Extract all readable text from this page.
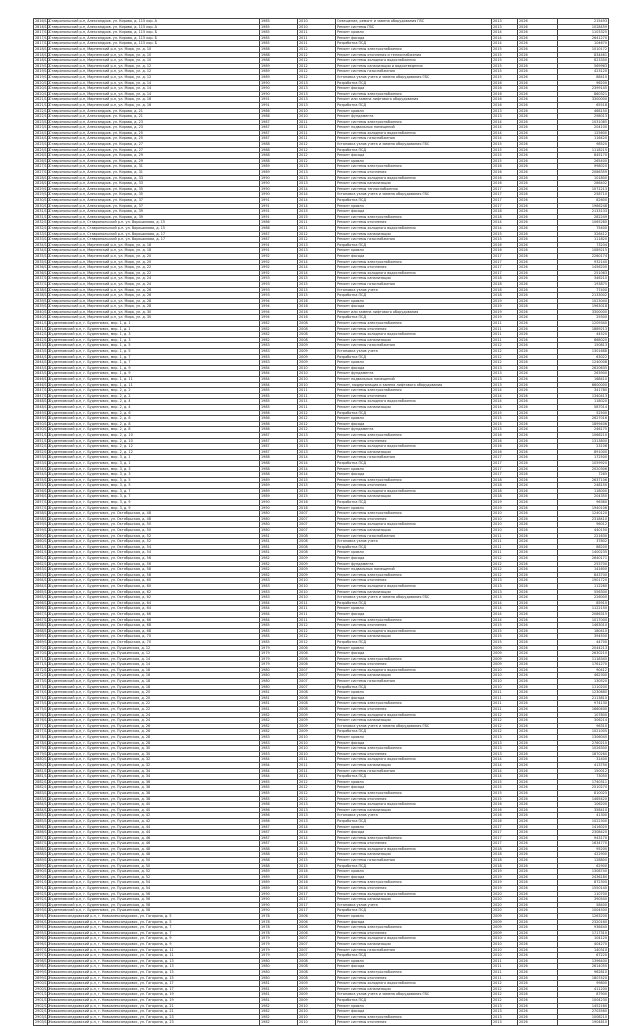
2816/1/2	Ставропольский р-н, Александров. ул. Кирова, д. 115 кор. А	1985	2010	Освещение, ремонт и замена оборудования ГВС	2013	2026	215493
2816/1/2	Ставропольский р-н, Александров. ул. Кирова, д. 115 кор. А	1985	2010	Ремонт системы ГВС	2013	2026	1028459
2817/1/2	Ставропольский р-н, Александров. ул. Кирова, д. 115 кор. Б	1985	2011	Ремонт кровли	2014	2026	1103325
2817/1/2	Ставропольский р-н, Александров. ул. Кирова, д. 115 кор. Б	1985	2011	Ремонт фасада	2014	2026	2641270
2817/1/2	Ставропольский р-н, Александров. ул. Кирова, д. 115 кор. Б	1985	2011	Разработка ПСД	2014	2026	104670
2818/1/2	Ставропольский р-н, Мирненский р-н, ул. Мира, ул. д. 10	1988	2012	Ремонт системы электроснабжения	2015	2026	1010172
2818/1/2	Ставропольский р-н, Мирненский р-н, ул. Мира, ул. д. 10	1988	2012	Ремонт системы отопления и теплоснабжения	2015	2026	834461
2818/1/2	Ставропольский р-н, Мирненский р-н, ул. Мира, ул. д. 10	1988	2012	Ремонт системы холодного водоснабжения	2015	2026	623350
2819/1/2	Ставропольский р-н, Мирненский р-н, ул. Мира, ул. д. 12	1989	2012	Ремонт системы канализации и водоотведения	2015	2026	569963
2819/1/2	Ставропольский р-н, Мирненский р-н, ул. Мира, ул. д. 12	1989	2012	Ремонт системы газоснабжения	2015	2026	423120
2819/1/2	Ставропольский р-н, Мирненский р-н, ул. Мира, ул. д. 12	1989	2012	Установка узлов учета и замена оборудования ГВС	2015	2026	88410
2820/1/2	Ставропольский р-н, Мирненский р-н, ул. Мира, ул. д. 14	1990	2013	Разработка ПСД	2016	2026	96200
2820/1/2	Ставропольский р-н, Мирненский р-н, ул. Мира, ул. д. 14	1990	2013	Ремонт фасада	2016	2026	2399145
2820/1/2	Ставропольский р-н, Мирненский р-н, ул. Мира, ул. д. 14	1990	2013	Ремонт системы электроснабжения	2016	2026	860321
2821/1/2	Ставропольский р-н, Мирненский р-н, ул. Мира, ул. д. 16	1991	2013	Ремонт или замена лифтового оборудования	2016	2026	3300000
2821/1/2	Ставропольский р-н, Мирненский р-н, ул. Мира, ул. д. 16	1991	2013	Разработка ПСД	2016	2026	65518
2822/1/2	Ставропольский р-н, Александров. ул. Кирова, д. 21	1986	2010	Ремонт кровли	2013	2026	468150
2822/1/2	Ставропольский р-н, Александров. ул. Кирова, д. 21	1986	2010	Ремонт фундамента	2013	2026	298013
2823/1/2	Ставропольский р-н, Александров. ул. Кирова, д. 23	1987	2011	Ремонт системы электроснабжения	2014	2026	1031085
2823/1/2	Ставропольский р-н, Александров. ул. Кирова, д. 23	1987	2011	Ремонт подвальных помещений	2014	2026	204100
2824/1/2	Ставропольский р-н, Александров. ул. Кирова, д. 25	1987	2011	Ремонт системы холодного водоснабжения	2014	2026	125600
2824/1/2	Ставропольский р-н, Александров. ул. Кирова, д. 25	1987	2011	Ремонт системы газоснабжения	2014	2026	116420
2825/1/2	Ставропольский р-н, Александров. ул. Кирова, д. 27	1988	2012	Установка узлов учета и замена оборудования ГВС	2015	2026	98520
2825/1/2	Ставропольский р-н, Александров. ул. Кирова, д. 27	1988	2012	Разработка ПСД	2015	2026	1118215
2826/1/2	Ставропольский р-н, Александров. ул. Кирова, д. 29	1988	2012	Ремонт фасада	2015	2026	845170
2826/1/2	Ставропольский р-н, Александров. ул. Кирова, д. 29	1988	2012	Ремонт кровли	2015	2026	265400
2827/1/2	Ставропольский р-н, Александров. ул. Кирова, д. 31	1989	2013	Ремонт системы электроснабжения	2016	2026	998020
2827/1/2	Ставропольский р-н, Александров. ул. Кирова, д. 31	1989	2013	Ремонт системы отопления	2016	2026	2086359
2828/1/2	Ставропольский р-н, Александров. ул. Кирова, д. 33	1990	2013	Ремонт системы холодного водоснабжения	2016	2026	101800
2828/1/2	Ставропольский р-н, Александров. ул. Кирова, д. 33	1990	2013	Ремонт системы канализации	2016	2026	286402
2829/1/2	Ставропольский р-н, Александров. ул. Кирова, д. 35	1990	2014	Ремонт системы теплоснабжения	2017	2026	1071213
2829/1/2	Ставропольский р-н, Александров. ул. Кирова, д. 35	1990	2014	Установка узлов учета и замена оборудования ГВС	2017	2026	258710
2830/1/2	Ставропольский р-н, Александров. ул. Кирова, д. 37	1991	2014	Разработка ПСД	2017	2026	82600
2830/1/2	Ставропольский р-н, Александров. ул. Кирова, д. 37	1991	2014	Ремонт кровли	2017	2026	1986248
2831/1/2	Ставропольский р-н, Александров. ул. Кирова, д. 39	1991	2015	Ремонт фасада	2018	2026	2133133
2831/1/2	Ставропольский р-н, Александров. ул. Кирова, д. 39	1991	2015	Ремонт системы электроснабжения	2018	2026	282249
2832/1/2	Ставропольский р-н, Ставропольский р-н. ул. Ворошилова, д. 15	1986	2011	Ремонт системы отопления	2014	2026	1065280
2832/1/2	Ставропольский р-н, Ставропольский р-н. ул. Ворошилова, д. 15	1986	2011	Ремонт системы холодного водоснабжения	2014	2026	75400
2833/1/2	Ставропольский р-н, Ставропольский р-н. ул. Ворошилова, д. 17	1987	2012	Ремонт системы канализации	2015	2026	326412
2833/1/2	Ставропольский р-н, Ставропольский р-н. ул. Ворошилова, д. 17	1987	2012	Ремонт системы газоснабжения	2015	2026	111820
2834/1/2	Ставропольский р-н, Мирненский р-н, ул. Мира, ул. д. 18	1991	2013	Разработка ПСД	2016	2026	73204
2834/1/2	Ставропольский р-н, Мирненский р-н, ул. Мира, ул. д. 18	1991	2013	Ремонт кровли	2016	2026	1089215
2835/1/2	Ставропольский р-н, Мирненский р-н, ул. Мира, ул. д. 20	1992	2014	Ремонт фасада	2017	2026	2260174
2835/1/2	Ставропольский р-н, Мирненский р-н, ул. Мира, ул. д. 20	1992	2014	Ремонт системы электроснабжения	2017	2026	932140
2836/1/2	Ставропольский р-н, Мирненский р-н, ул. Мира, ул. д. 22	1992	2014	Ремонт системы отопления	2017	2026	1456200
2836/1/2	Ставропольский р-н, Мирненский р-н, ул. Мира, ул. д. 22	1992	2014	Ремонт системы холодного водоснабжения	2017	2026	251063
2837/1/2	Ставропольский р-н, Мирненский р-н, ул. Мира, ул. д. 24	1993	2015	Ремонт системы канализации	2018	2026	346210
2837/1/2	Ставропольский р-н, Мирненский р-н, ул. Мира, ул. д. 24	1993	2015	Ремонт системы газоснабжения	2018	2026	193875
2838/1/2	Ставропольский р-н, Мирненский р-н, ул. Мира, ул. д. 26	1993	2015	Установка узлов учета	2018	2026	77400
2838/1/2	Ставропольский р-н, Мирненский р-н, ул. Мира, ул. д. 26	1993	2015	Разработка ПСД	2018	2026	2133002
2839/1/2	Ставропольский р-н, Мирненский р-н, ул. Мира, ул. д. 28	1994	2016	Ремонт кровли	2019	2026	1023040
2839/1/2	Ставропольский р-н, Мирненский р-н, ул. Мира, ул. д. 28	1994	2016	Ремонт фасада	2019	2026	1963018
2840/1/2	Ставропольский р-н, Мирненский р-н, ул. Мира, ул. д. 30	1994	2016	Ремонт или замена лифтового оборудования	2019	2026	3300000
2840/1/2	Ставропольский р-н, Мирненский р-н, ул. Мира, ул. д. 30	1994	2016	Разработка ПСД	2019	2026	29300
2841/1/2	Буденновский р-н, г. Буденновск, мкр. 1, д. 1	1982	2008	Ремонт системы электроснабжения	2011	2026	1209340
2841/1/2	Буденновский р-н, г. Буденновск, мкр. 1, д. 1	1982	2008	Ремонт системы отопления	2011	2026	1889213
2842/1/2	Буденновский р-н, г. Буденновск, мкр. 1, д. 3	1982	2008	Ремонт системы холодного водоснабжения	2011	2026	44520
2842/1/2	Буденновский р-н, г. Буденновск, мкр. 1, д. 3	1982	2008	Ремонт системы канализации	2011	2026	868020
2843/1/2	Буденновский р-н, г. Буденновск, мкр. 1, д. 5	1983	2009	Ремонт системы газоснабжения	2012	2026	150813
2843/1/2	Буденновский р-н, г. Буденновск, мкр. 1, д. 5	1983	2009	Установка узлов учета	2012	2026	1301688
2844/1/2	Буденновский р-н, г. Буденновск, мкр. 1, д. 7	1983	2009	Разработка ПСД	2012	2026	63022
2844/1/2	Буденновский р-н, г. Буденновск, мкр. 1, д. 7	1983	2009	Ремонт кровли	2012	2026	1240008
2845/1/2	Буденновский р-н, г. Буденновск, мкр. 1, д. 9	1984	2010	Ремонт фасада	2013	2026	2620635
2845/1/2	Буденновский р-н, г. Буденновск, мкр. 1, д. 9	1984	2010	Ремонт фундамента	2013	2026	263900
2846/1/2	Буденновский р-н, г. Буденновск, мкр. 1, д. 11	1984	2010	Ремонт подвальных помещений	2013	2026	168410
2846/1/2	Буденновский р-н, г. Буденновск, мкр. 1, д. 11	1984	2010	Ремонт, модернизация и замена лифтового оборудования	2013	2026	6600000
2847/1/2	Буденновский р-н, г. Буденновск, мкр. 2, д. 2	1985	2011	Ремонт системы электроснабжения	2014	2026	341780
2847/1/2	Буденновский р-н, г. Буденновск, мкр. 2, д. 2	1985	2011	Ремонт системы отопления	2014	2026	1340413
2848/1/2	Буденновский р-н, г. Буденновск, мкр. 2, д. 4	1985	2011	Ремонт системы холодного водоснабжения	2014	2026	118020
2848/1/2	Буденновский р-н, г. Буденновск, мкр. 2, д. 4	1985	2011	Ремонт системы канализации	2014	2026	587014
2849/1/2	Буденновский р-н, г. Буденновск, мкр. 2, д. 6	1986	2012	Разработка ПСД	2015	2026	52500
2849/1/2	Буденновский р-н, г. Буденновск, мкр. 2, д. 6	1986	2012	Ремонт кровли	2015	2026	2627016
2850/1/2	Буденновский р-н, г. Буденновск, мкр. 2, д. 8	1986	2012	Ремонт фасада	2015	2026	1899406
2850/1/2	Буденновский р-н, г. Буденновск, мкр. 2, д. 8	1986	2012	Ремонт фундамента	2015	2026	246175
2851/1/2	Буденновский р-н, г. Буденновск, мкр. 2, д. 10	1987	2013	Ремонт системы электроснабжения	2016	2026	1066210
2851/1/2	Буденновский р-н, г. Буденновск, мкр. 2, д. 10	1987	2013	Ремонт системы отопления	2016	2026	1313800
2852/1/2	Буденновский р-н, г. Буденновск, мкр. 2, д. 12	1987	2013	Ремонт системы холодного водоснабжения	2016	2026	23106
2852/1/2	Буденновский р-н, г. Буденновск, мкр. 2, д. 12	1987	2013	Ремонт системы канализации	2016	2026	891000
2853/1/2	Буденновский р-н, г. Буденновск, мкр. 3, д. 1	1988	2014	Ремонт системы газоснабжения	2017	2026	172500
2853/1/2	Буденновский р-н, г. Буденновск, мкр. 3, д. 1	1988	2014	Разработка ПСД	2017	2026	1059920
2854/1/2	Буденновский р-н, г. Буденновск, мкр. 3, д. 3	1988	2014	Ремонт кровли	2017	2026	2020306
2854/1/2	Буденновский р-н, г. Буденновск, мкр. 3, д. 3	1988	2014	Ремонт фасада	2017	2026	7265
2855/1/2	Буденновский р-н, г. Буденновск, мкр. 3, д. 5	1989	2015	Ремонт системы электроснабжения	2018	2026	2637106
2855/1/2	Буденновский р-н, г. Буденновск, мкр. 3, д. 5	1989	2015	Ремонт системы отопления	2018	2026	248150
2856/1/2	Буденновский р-н, г. Буденновск, мкр. 3, д. 7	1989	2015	Ремонт системы холодного водоснабжения	2018	2026	118000
2856/1/2	Буденновский р-н, г. Буденновск, мкр. 3, д. 7	1989	2015	Ремонт системы канализации	2018	2026	204350
2857/1/2	Буденновский р-н, г. Буденновск, мкр. 3, д. 9	1990	2016	Разработка ПСД	2019	2026	96360
2857/1/2	Буденновский р-н, г. Буденновск, мкр. 3, д. 9	1990	2016	Ремонт кровли	2019	2026	1940106
2858/1/2	Буденновский р-н, г. Буденновск, ул. Октябрьская, д. 48	1980	2007	Ремонт системы электроснабжения	2010	2026	1240120
2858/1/2	Буденновский р-н, г. Буденновск, ул. Октябрьская, д. 48	1980	2007	Ремонт системы отопления	2010	2026	2318410
2859/1/2	Буденновский р-н, г. Буденновск, ул. Октябрьская, д. 50	1980	2007	Ремонт системы холодного водоснабжения	2010	2026	96012
2859/1/2	Буденновский р-н, г. Буденновск, ул. Октябрьская, д. 50	1980	2007	Ремонт системы канализации	2010	2026	440150
2860/1/2	Буденновский р-н, г. Буденновск, ул. Октябрьская, д. 52	1981	2008	Ремонт системы газоснабжения	2011	2026	221630
2860/1/2	Буденновский р-н, г. Буденновск, ул. Октябрьская, д. 52	1981	2008	Установка узлов учета	2011	2026	37802
2861/1/2	Буденновский р-н, г. Буденновск, ул. Октябрьская, д. 54	1981	2008	Разработка ПСД	2011	2026	88200
2861/1/2	Буденновский р-н, г. Буденновск, ул. Октябрьская, д. 54	1981	2008	Ремонт кровли	2011	2026	1400235
2862/1/2	Буденновский р-н, г. Буденновск, ул. Октябрьская, д. 56	1982	2009	Ремонт фасада	2012	2026	2640171
2862/1/2	Буденновский р-н, г. Буденновск, ул. Октябрьская, д. 56	1982	2009	Ремонт фундамента	2012	2026	253700
2863/1/2	Буденновский р-н, г. Буденновск, ул. Октябрьская, д. 58	1982	2009	Ремонт подвальных помещений	2012	2026	141600
2863/1/2	Буденновский р-н, г. Буденновск, ул. Октябрьская, д. 58	1982	2009	Ремонт системы электроснабжения	2012	2026	843700
2864/1/2	Буденновский р-н, г. Буденновск, ул. Октябрьская, д. 60	1983	2010	Ремонт системы отопления	2013	2026	1901720
2864/1/2	Буденновский р-н, г. Буденновск, ул. Октябрьская, д. 60	1983	2010	Ремонт системы холодного водоснабжения	2013	2026	112260
2865/1/2	Буденновский р-н, г. Буденновск, ул. Октябрьская, д. 62	1983	2010	Ремонт системы канализации	2013	2026	556300
2865/1/2	Буденновский р-н, г. Буденновск, ул. Октябрьская, д. 62	1983	2010	Установка узлов учета и замена оборудования ГВС	2013	2026	226000
2866/1/2	Буденновский р-н, г. Буденновск, ул. Октябрьская, д. 64	1984	2011	Разработка ПСД	2014	2026	85910
2866/1/2	Буденновский р-н, г. Буденновск, ул. Октябрьская, д. 64	1984	2011	Ремонт кровли	2014	2026	1122150
2867/1/2	Буденновский р-н, г. Буденновск, ул. Октябрьская, д. 66	1984	2011	Ремонт фасада	2014	2026	2086315
2867/1/2	Буденновский р-н, г. Буденновск, ул. Октябрьская, д. 66	1984	2011	Ремонт системы электроснабжения	2014	2026	1017000
2868/1/2	Буденновский р-н, г. Буденновск, ул. Октябрьская, д. 68	1985	2012	Ремонт системы отопления	2015	2026	1463010
2868/1/2	Буденновский р-н, г. Буденновск, ул. Октябрьская, д. 68	1985	2012	Ремонт системы холодного водоснабжения	2015	2026	180410
2869/1/2	Буденновский р-н, г. Буденновск, ул. Октябрьская, д. 70	1985	2012	Ремонт системы канализации	2015	2026	394500
2869/1/2	Буденновский р-н, г. Буденновск, ул. Октябрьская, д. 70	1985	2012	Разработка ПСД	2015	2026	44700
2870/1/2	Буденновский р-н, г. Буденновск, ул. Пушкинская, д. 12	1979	2006	Ремонт кровли	2009	2026	2044213
2870/1/2	Буденновский р-н, г. Буденновск, ул. Пушкинская, д. 12	1979	2006	Ремонт фасада	2009	2026	2630210
2871/1/2	Буденновский р-н, г. Буденновск, ул. Пушкинская, д. 14	1979	2006	Ремонт системы электроснабжения	2009	2026	1118345
2871/1/2	Буденновский р-н, г. Буденновск, ул. Пушкинская, д. 14	1979	2006	Ремонт системы отопления	2009	2026	1761270
2872/1/2	Буденновский р-н, г. Буденновск, ул. Пушкинская, д. 16	1980	2007	Ремонт системы холодного водоснабжения	2010	2026	90412
2872/1/2	Буденновский р-н, г. Буденновск, ул. Пушкинская, д. 16	1980	2007	Ремонт системы канализации	2010	2026	462300
2873/1/2	Буденновский р-н, г. Буденновск, ул. Пушкинская, д. 18	1980	2007	Ремонт системы газоснабжения	2010	2026	130520
2873/1/2	Буденновский р-н, г. Буденновск, ул. Пушкинская, д. 18	1980	2007	Разработка ПСД	2010	2026	1110200
2874/1/2	Буденновский р-н, г. Буденновск, ул. Пушкинская, д. 20	1981	2008	Ремонт кровли	2011	2026	1230680
2874/1/2	Буденновский р-н, г. Буденновск, ул. Пушкинская, д. 20	1981	2008	Ремонт фасада	2011	2026	2113810
2875/1/2	Буденновский р-н, г. Буденновск, ул. Пушкинская, д. 22	1981	2008	Ремонт системы электроснабжения	2011	2026	974130
2875/1/2	Буденновский р-н, г. Буденновск, ул. Пушкинская, д. 22	1981	2008	Ремонт системы отопления	2011	2026	1660400
2876/1/2	Буденновский р-н, г. Буденновск, ул. Пушкинская, д. 24	1982	2009	Ремонт системы холодного водоснабжения	2012	2026	107800
2876/1/2	Буденновский р-н, г. Буденновск, ул. Пушкинская, д. 24	1982	2009	Ремонт системы канализации	2012	2026	306214
2877/1/2	Буденновский р-н, г. Буденновск, ул. Пушкинская, д. 26	1982	2009	Установка узлов учета и замена оборудования ГВС	2012	2026	96310
2877/1/2	Буденновский р-н, г. Буденновск, ул. Пушкинская, д. 26	1982	2009	Разработка ПСД	2012	2026	1021005
2878/1/2	Буденновский р-н, г. Буденновск, ул. Пушкинская, д. 28	1983	2010	Ремонт кровли	2013	2026	1306040
2878/1/2	Буденновский р-н, г. Буденновск, ул. Пушкинская, д. 28	1983	2010	Ремонт фасада	2013	2026	2760210
2879/1/2	Буденновский р-н, г. Буденновск, ул. Пушкинская, д. 30	1983	2010	Ремонт системы электроснабжения	2013	2026	1026300
2879/1/2	Буденновский р-н, г. Буденновск, ул. Пушкинская, д. 30	1983	2010	Ремонт системы отопления	2013	2026	1870260
2880/1/2	Буденновский р-н, г. Буденновск, ул. Пушкинская, д. 32	1984	2011	Ремонт системы холодного водоснабжения	2014	2026	31400
2880/1/2	Буденновский р-н, г. Буденновск, ул. Пушкинская, д. 32	1984	2011	Ремонт системы канализации	2014	2026	413750
2881/1/2	Буденновский р-н, г. Буденновск, ул. Пушкинская, д. 34	1984	2011	Ремонт системы газоснабжения	2014	2026	150012
2881/1/2	Буденновский р-н, г. Буденновск, ул. Пушкинская, д. 34	1984	2011	Разработка ПСД	2014	2026	73050
2882/1/2	Буденновский р-н, г. Буденновск, ул. Пушкинская, д. 36	1985	2012	Ремонт кровли	2015	2026	1740311
2882/1/2	Буденновский р-н, г. Буденновск, ул. Пушкинская, д. 36	1985	2012	Ремонт фасада	2015	2026	2510270
2883/1/2	Буденновский р-н, г. Буденновск, ул. Пушкинская, д. 38	1985	2012	Ремонт системы электроснабжения	2015	2026	810025
2883/1/2	Буденновский р-н, г. Буденновск, ул. Пушкинская, д. 38	1985	2012	Ремонт системы отопления	2015	2026	1465420
2884/1/2	Буденновский р-н, г. Буденновск, ул. Пушкинская, д. 40	1986	2013	Ремонт системы холодного водоснабжения	2016	2026	106200
2884/1/2	Буденновский р-н, г. Буденновск, ул. Пушкинская, д. 40	1986	2013	Ремонт системы канализации	2016	2026	358410
2885/1/2	Буденновский р-н, г. Буденновск, ул. Пушкинская, д. 42	1986	2013	Установка узлов учета	2016	2026	41300
2885/1/2	Буденновский р-н, г. Буденновск, ул. Пушкинская, д. 42	1986	2013	Разработка ПСД	2016	2026	1022300
2886/1/2	Буденновский р-н, г. Буденновск, ул. Пушкинская, д. 44	1987	2014	Ремонт кровли	2017	2026	1416020
2886/1/2	Буденновский р-н, г. Буденновск, ул. Пушкинская, д. 44	1987	2014	Ремонт фасада	2017	2026	2308420
2887/1/2	Буденновский р-н, г. Буденновск, ул. Пушкинская, д. 46	1987	2014	Ремонт системы электроснабжения	2017	2026	943170
2887/1/2	Буденновский р-н, г. Буденновск, ул. Пушкинская, д. 46	1987	2014	Ремонт системы отопления	2017	2026	1634770
2888/1/2	Буденновский р-н, г. Буденновск, ул. Пушкинская, д. 48	1988	2015	Ремонт системы холодного водоснабжения	2018	2026	95200
2888/1/2	Буденновский р-н, г. Буденновск, ул. Пушкинская, д. 48	1988	2015	Ремонт системы канализации	2018	2026	422900
2889/1/2	Буденновский р-н, г. Буденновск, ул. Пушкинская, д. 50	1988	2015	Ремонт системы газоснабжения	2018	2026	128800
2889/1/2	Буденновский р-н, г. Буденновск, ул. Пушкинская, д. 50	1988	2015	Разработка ПСД	2018	2026	62900
2890/1/2	Буденновский р-н, г. Буденновск, ул. Пушкинская, д. 52	1989	2016	Ремонт кровли	2019	2026	1308740
2890/1/2	Буденновский р-н, г. Буденновск, ул. Пушкинская, д. 52	1989	2016	Ремонт фасада	2019	2026	2436180
2891/1/2	Буденновский р-н, г. Буденновск, ул. Пушкинская, д. 54	1989	2016	Ремонт системы электроснабжения	2019	2026	872300
2891/1/2	Буденновский р-н, г. Буденновск, ул. Пушкинская, д. 54	1989	2016	Ремонт системы отопления	2019	2026	1550140
2892/1/2	Буденновский р-н, г. Буденновск, ул. Пушкинская, д. 56	1990	2017	Ремонт системы холодного водоснабжения	2020	2026	110700
2892/1/2	Буденновский р-н, г. Буденновск, ул. Пушкинская, д. 56	1990	2017	Ремонт системы канализации	2020	2026	390540
2893/1/2	Буденновский р-н, г. Буденновск, ул. Пушкинская, д. 58	1990	2017	Установка узлов учета	2020	2026	58400
2893/1/2	Буденновский р-н, г. Буденновск, ул. Пушкинская, д. 58	1990	2017	Разработка ПСД	2020	2026	1004500
2894/1/2	Новоалександровский р-н, г. Новоалександровск, ул. Гагарина, д. 5	1978	2006	Ремонт кровли	2009	2026	1263200
2894/1/2	Новоалександровский р-н, г. Новоалександровск, ул. Гагарина, д. 5	1978	2006	Ремонт фасада	2009	2026	2320160
2895/1/2	Новоалександровский р-н, г. Новоалександровск, ул. Гагарина, д. 7	1978	2006	Ремонт системы электроснабжения	2009	2026	936440
2895/1/2	Новоалександровский р-н, г. Новоалександровск, ул. Гагарина, д. 7	1978	2006	Ремонт системы отопления	2009	2026	1717310
2896/1/2	Новоалександровский р-н, г. Новоалександровск, ул. Гагарина, д. 9	1979	2007	Ремонт системы холодного водоснабжения	2010	2026	104120
2896/1/2	Новоалександровский р-н, г. Новоалександровск, ул. Гагарина, д. 9	1979	2007	Ремонт системы канализации	2010	2026	404270
2897/1/2	Новоалександровский р-н, г. Новоалександровск, ул. Гагарина, д. 11	1979	2007	Ремонт системы газоснабжения	2010	2026	140310
2897/1/2	Новоалександровский р-н, г. Новоалександровск, ул. Гагарина, д. 11	1979	2007	Разработка ПСД	2010	2026	67220
2898/1/2	Новоалександровский р-н, г. Новоалександровск, ул. Гагарина, д. 13	1980	2008	Ремонт кровли	2011	2026	1396400
2898/1/2	Новоалександровский р-н, г. Новоалександровск, ул. Гагарина, д. 13	1980	2008	Ремонт фасада	2011	2026	2614050
2899/1/2	Новоалександровский р-н, г. Новоалександровск, ул. Гагарина, д. 15	1980	2008	Ремонт системы электроснабжения	2011	2026	962810
2899/1/2	Новоалександровский р-н, г. Новоалександровск, ул. Гагарина, д. 15	1980	2008	Ремонт системы отопления	2011	2026	1807420
2900/1/2	Новоалександровский р-н, г. Новоалександровск, ул. Гагарина, д. 17	1981	2009	Ремонт системы холодного водоснабжения	2012	2026	99800
2900/1/2	Новоалександровский р-н, г. Новоалександровск, ул. Гагарина, д. 17	1981	2009	Ремонт системы канализации	2012	2026	411200
2901/1/2	Новоалександровский р-н, г. Новоалександровск, ул. Гагарина, д. 19	1981	2009	Установка узлов учета и замена оборудования ГВС	2012	2026	87900
2901/1/2	Новоалександровский р-н, г. Новоалександровск, ул. Гагарина, д. 19	1981	2009	Разработка ПСД	2012	2026	1004230
2902/1/2	Новоалександровский р-н, г. Новоалександровск, ул. Гагарина, д. 21	1982	2010	Ремонт кровли	2013	2026	1452160
2902/1/2	Новоалександровский р-н, г. Новоалександровск, ул. Гагарина, д. 21	1982	2010	Ремонт фасада	2013	2026	2703560
2903/1/2	Новоалександровский р-н, г. Новоалександровск, ул. Гагарина, д. 23	1982	2010	Ремонт системы электроснабжения	2013	2026	1008210
2903/1/2	Новоалександровский р-н, г. Новоалександровск, ул. Гагарина, д. 23	1982	2010	Ремонт системы отопления	2013	2026	1904810
